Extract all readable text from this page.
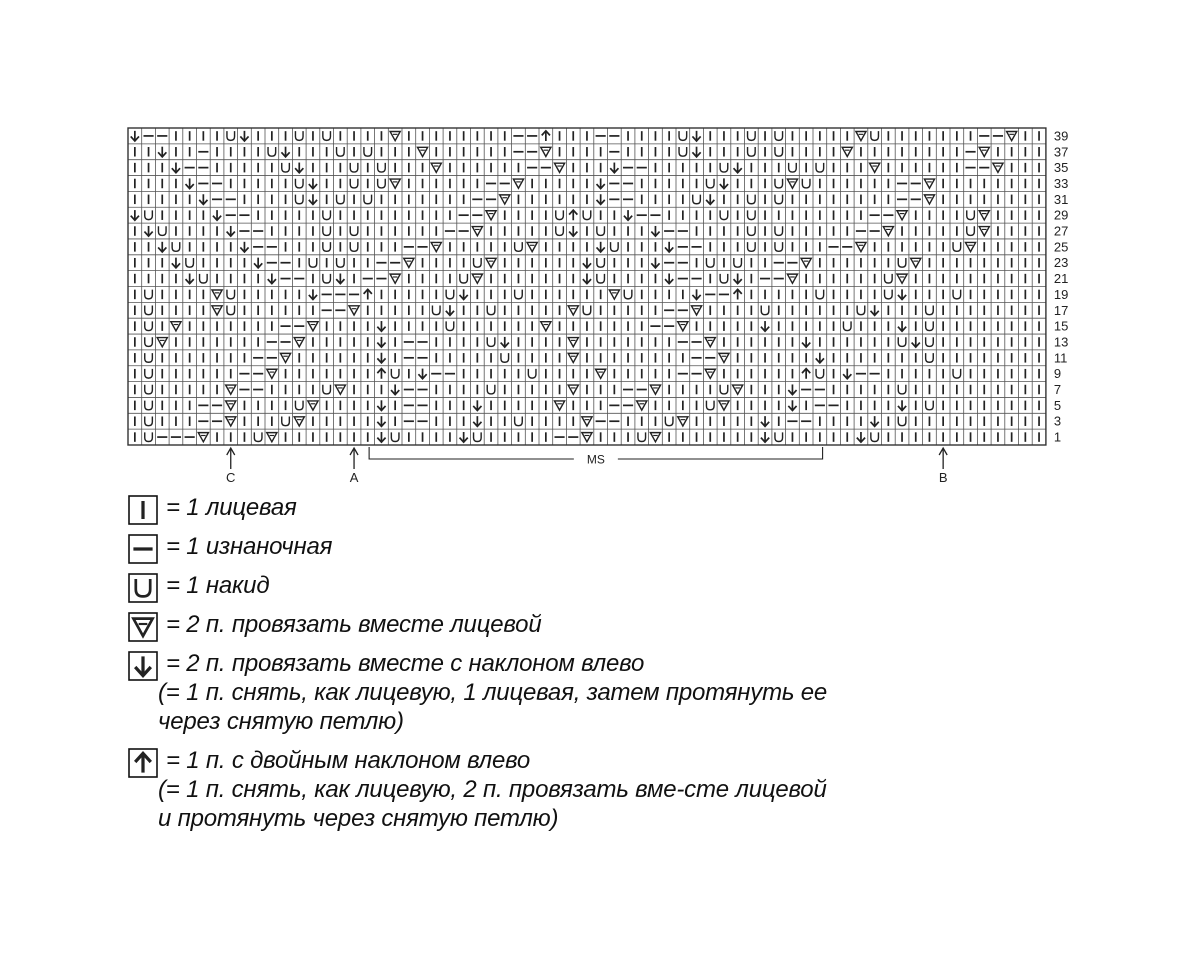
39
37
35
33
31
29
27
25
23
21
19
17
15
13
11
9
7
5
3
1
C	A	B
MS
= 1 лицевая
= 1 изнаночная
= 1 накид
= 2 п. провязать вместе лицевой
= 2 п. провязать вместе с наклоном влево
(= 1 п. снять, как лицевую, 1 лицевая, затем протянуть ее через снятую петлю)
= 1 п. с двойным наклоном влево
(= 1 п. снять, как лицевую, 2 п. провязать вме-сте лицевой и протянуть через снятую петлю)
